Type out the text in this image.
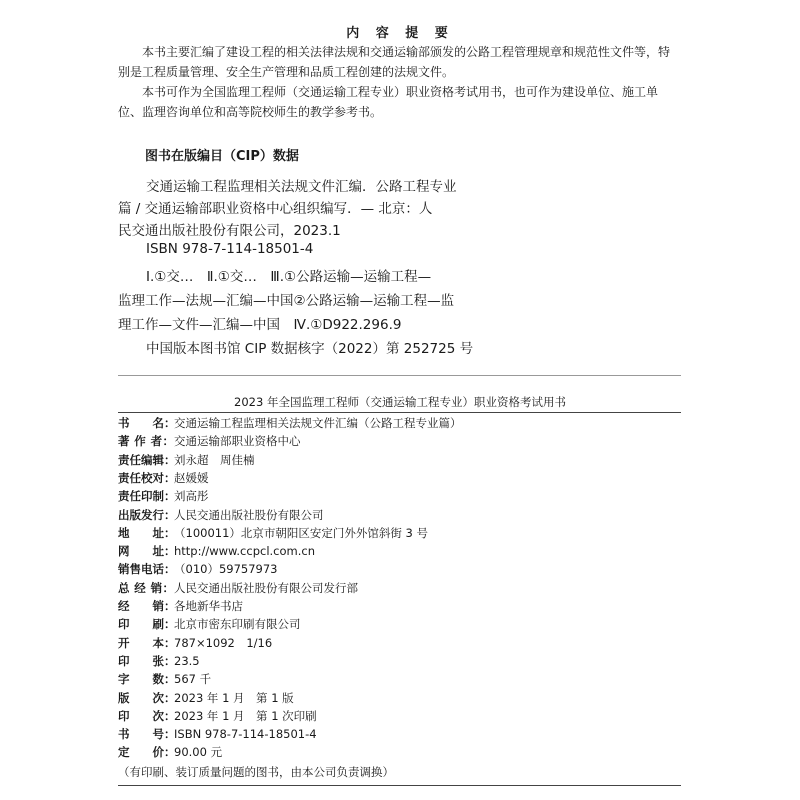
内 容 提 要
本书主要汇编了建设工程的相关法律法规和交通运输部颁发的公路工程管理规章和规范性文件等，特别是工程质量管理、安全生产管理和品质工程创建的法规文件。
本书可作为全国监理工程师（交通运输工程专业）职业资格考试用书，也可作为建设单位、施工单位、监理咨询单位和高等院校师生的教学参考书。
图书在版编目（CIP）数据
交通运输工程监理相关法规文件汇编．公路工程专业
篇 / 交通运输部职业资格中心组织编写．— 北京：人
民交通出版社股份有限公司，2023.1
ISBN 978-7-114-18501-4
Ⅰ.①交…　Ⅱ.①交…　Ⅲ.①公路运输—运输工程—
监理工作—法规—汇编—中国②公路运输—运输工程—监
理工作—文件—汇编—中国　Ⅳ.①D922.296.9
中国版本图书馆 CIP 数据核字（2022）第 252725 号
2023 年全国监理工程师（交通运输工程专业）职业资格考试用书
书　　名：交通运输工程监理相关法规文件汇编（公路工程专业篇）
著 作 者：交通运输部职业资格中心
责任编辑：刘永超　周佳楠
责任校对：赵媛媛
责任印制：刘高彤
出版发行：人民交通出版社股份有限公司
地　　址：（100011）北京市朝阳区安定门外外馆斜街 3 号
网　　址：http://www.ccpcl.com.cn
销售电话：（010）59757973
总 经 销：人民交通出版社股份有限公司发行部
经　　销：各地新华书店
印　　刷：北京市密东印刷有限公司
开　　本：787×1092　1/16
印　　张：23.5
字　　数：567 千
版　　次：2023 年 1 月　第 1 版
印　　次：2023 年 1 月　第 1 次印刷
书　　号：ISBN 978-7-114-18501-4
定　　价：90.00 元
（有印刷、装订质量问题的图书，由本公司负责调换）
